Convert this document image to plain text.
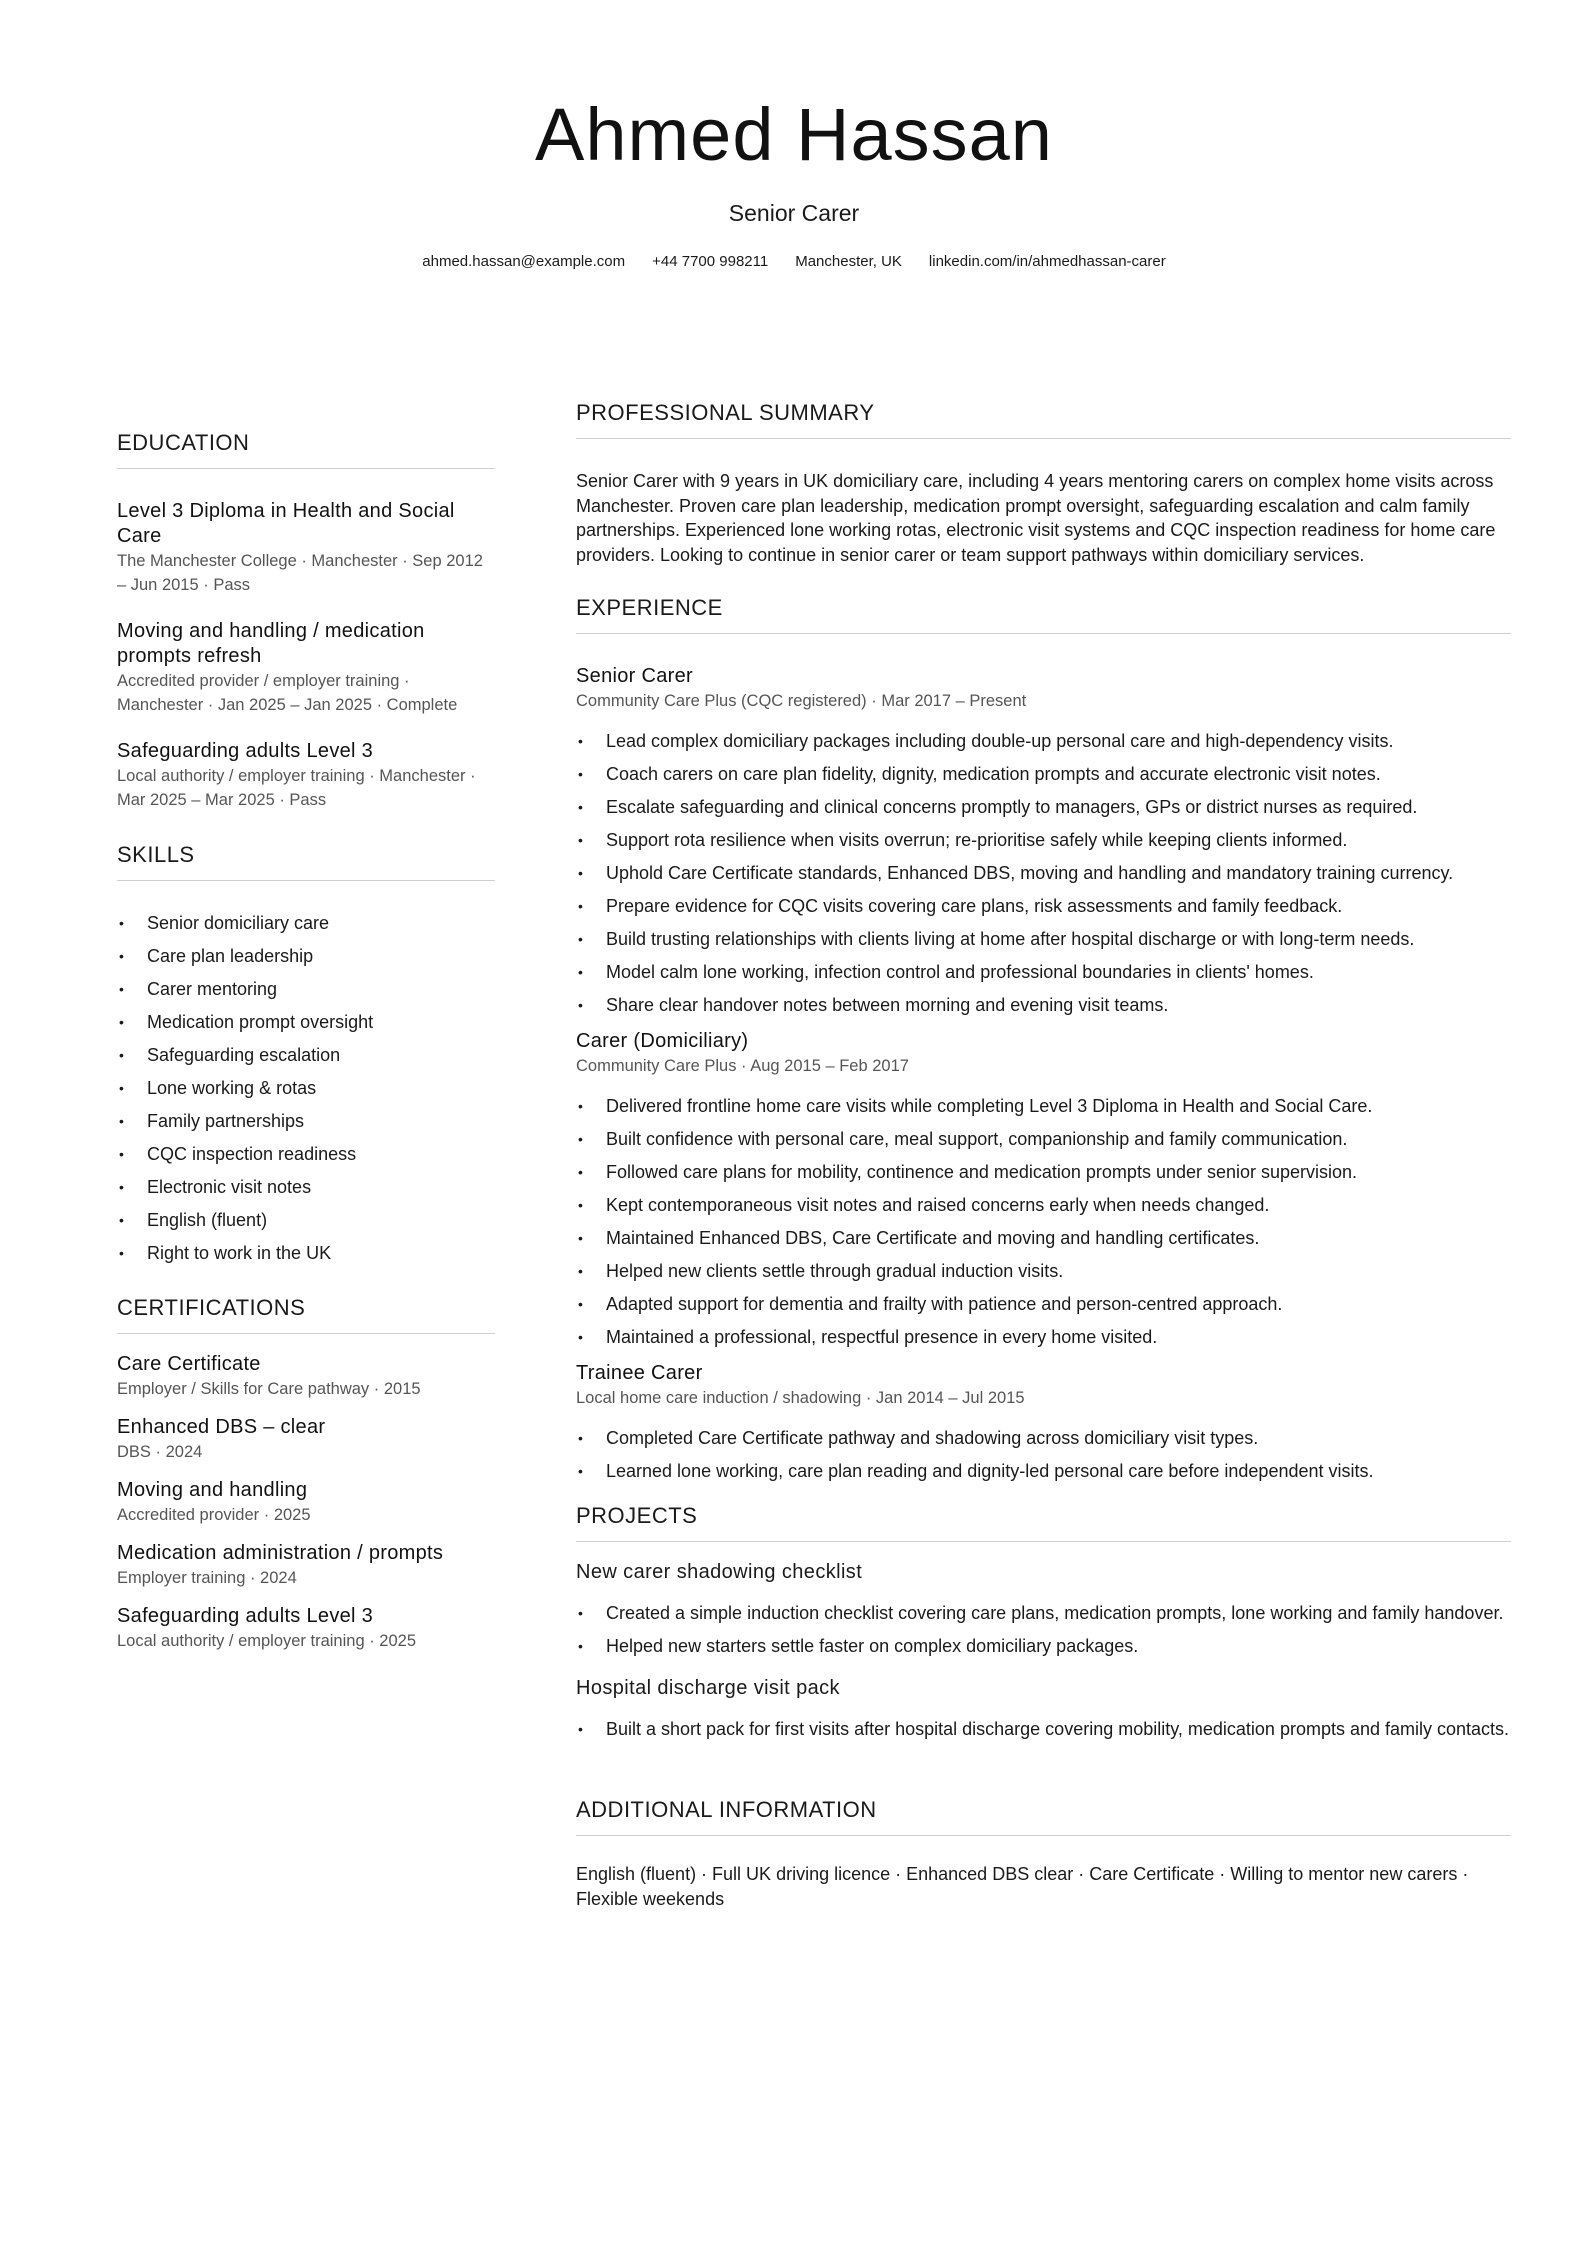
Ahmed Hassan
Senior Carer
ahmed.hassan@example.com +44 7700 998211 Manchester, UK linkedin.com/in/ahmedhassan-carer
EDUCATION
Level 3 Diploma in Health and Social Care
The Manchester College · Manchester · Sep 2012 – Jun 2015 · Pass
Moving and handling / medication prompts refresh
Accredited provider / employer training · Manchester · Jan 2025 – Jan 2025 · Complete
Safeguarding adults Level 3
Local authority / employer training · Manchester · Mar 2025 – Mar 2025 · Pass
SKILLS
• Senior domiciliary care
• Care plan leadership
• Carer mentoring
• Medication prompt oversight
• Safeguarding escalation
• Lone working & rotas
• Family partnerships
• CQC inspection readiness
• Electronic visit notes
• English (fluent)
• Right to work in the UK
CERTIFICATIONS
Care Certificate
Employer / Skills for Care pathway · 2015
Enhanced DBS – clear
DBS · 2024
Moving and handling
Accredited provider · 2025
Medication administration / prompts
Employer training · 2024
Safeguarding adults Level 3
Local authority / employer training · 2025
PROFESSIONAL SUMMARY
Senior Carer with 9 years in UK domiciliary care, including 4 years mentoring carers on complex home visits across Manchester. Proven care plan leadership, medication prompt oversight, safeguarding escalation and calm family partnerships. Experienced lone working rotas, electronic visit systems and CQC inspection readiness for home care providers. Looking to continue in senior carer or team support pathways within domiciliary services.
EXPERIENCE
Senior Carer
Community Care Plus (CQC registered) · Mar 2017 – Present
• Lead complex domiciliary packages including double-up personal care and high-dependency visits.
• Coach carers on care plan fidelity, dignity, medication prompts and accurate electronic visit notes.
• Escalate safeguarding and clinical concerns promptly to managers, GPs or district nurses as required.
• Support rota resilience when visits overrun; re-prioritise safely while keeping clients informed.
• Uphold Care Certificate standards, Enhanced DBS, moving and handling and mandatory training currency.
• Prepare evidence for CQC visits covering care plans, risk assessments and family feedback.
• Build trusting relationships with clients living at home after hospital discharge or with long-term needs.
• Model calm lone working, infection control and professional boundaries in clients' homes.
• Share clear handover notes between morning and evening visit teams.
Carer (Domiciliary)
Community Care Plus · Aug 2015 – Feb 2017
• Delivered frontline home care visits while completing Level 3 Diploma in Health and Social Care.
• Built confidence with personal care, meal support, companionship and family communication.
• Followed care plans for mobility, continence and medication prompts under senior supervision.
• Kept contemporaneous visit notes and raised concerns early when needs changed.
• Maintained Enhanced DBS, Care Certificate and moving and handling certificates.
• Helped new clients settle through gradual induction visits.
• Adapted support for dementia and frailty with patience and person-centred approach.
• Maintained a professional, respectful presence in every home visited.
Trainee Carer
Local home care induction / shadowing · Jan 2014 – Jul 2015
• Completed Care Certificate pathway and shadowing across domiciliary visit types.
• Learned lone working, care plan reading and dignity-led personal care before independent visits.
PROJECTS
New carer shadowing checklist
• Created a simple induction checklist covering care plans, medication prompts, lone working and family handover.
• Helped new starters settle faster on complex domiciliary packages.
Hospital discharge visit pack
• Built a short pack for first visits after hospital discharge covering mobility, medication prompts and family contacts.
ADDITIONAL INFORMATION
English (fluent) · Full UK driving licence · Enhanced DBS clear · Care Certificate · Willing to mentor new carers · Flexible weekends
